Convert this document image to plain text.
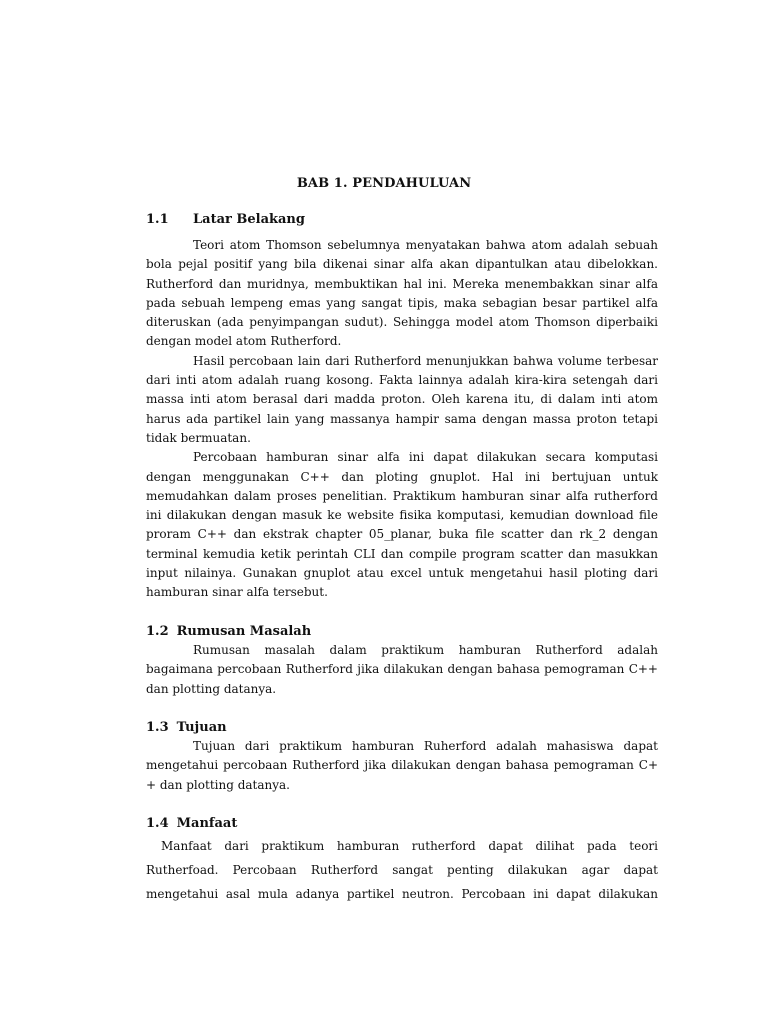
BAB 1. PENDAHULUAN
1.1 Latar Belakang
Teori atom Thomson sebelumnya menyatakan bahwa atom adalah sebuah
bola pejal positif yang bila dikenai sinar alfa akan dipantulkan atau dibelokkan.
Rutherford dan muridnya, membuktikan hal ini. Mereka menembakkan sinar alfa
pada sebuah lempeng emas yang sangat tipis, maka sebagian besar partikel alfa
diteruskan (ada penyimpangan sudut). Sehingga model atom Thomson diperbaiki
dengan model atom Rutherford.
Hasil percobaan lain dari Rutherford menunjukkan bahwa volume terbesar
dari inti atom adalah ruang kosong. Fakta lainnya adalah kira-kira setengah dari
massa inti atom berasal dari madda proton. Oleh karena itu, di dalam inti atom
harus ada partikel lain yang massanya hampir sama dengan massa proton tetapi
tidak bermuatan.
Percobaan hamburan sinar alfa ini dapat dilakukan secara komputasi
dengan menggunakan C++ dan ploting gnuplot. Hal ini bertujuan untuk
memudahkan dalam proses penelitian. Praktikum hamburan sinar alfa rutherford
ini dilakukan dengan masuk ke website fisika komputasi, kemudian download file
proram C++ dan ekstrak chapter 05_planar, buka file scatter dan rk_2 dengan
terminal kemudia ketik perintah CLI dan compile program scatter dan masukkan
input nilainya. Gunakan gnuplot atau excel untuk mengetahui hasil ploting dari
hamburan sinar alfa tersebut.
1.2 Rumusan Masalah
Rumusan masalah dalam praktikum hamburan Rutherford adalah
bagaimana percobaan Rutherford jika dilakukan dengan bahasa pemograman C++
dan plotting datanya.
1.3 Tujuan
Tujuan dari praktikum hamburan Ruherford adalah mahasiswa dapat
mengetahui percobaan Rutherford jika dilakukan dengan bahasa pemograman C+
+ dan plotting datanya.
1.4 Manfaat
Manfaat dari praktikum hamburan rutherford dapat dilihat pada teori
Rutherfoad. Percobaan Rutherford sangat penting dilakukan agar dapat
mengetahui asal mula adanya partikel neutron. Percobaan ini dapat dilakukan
